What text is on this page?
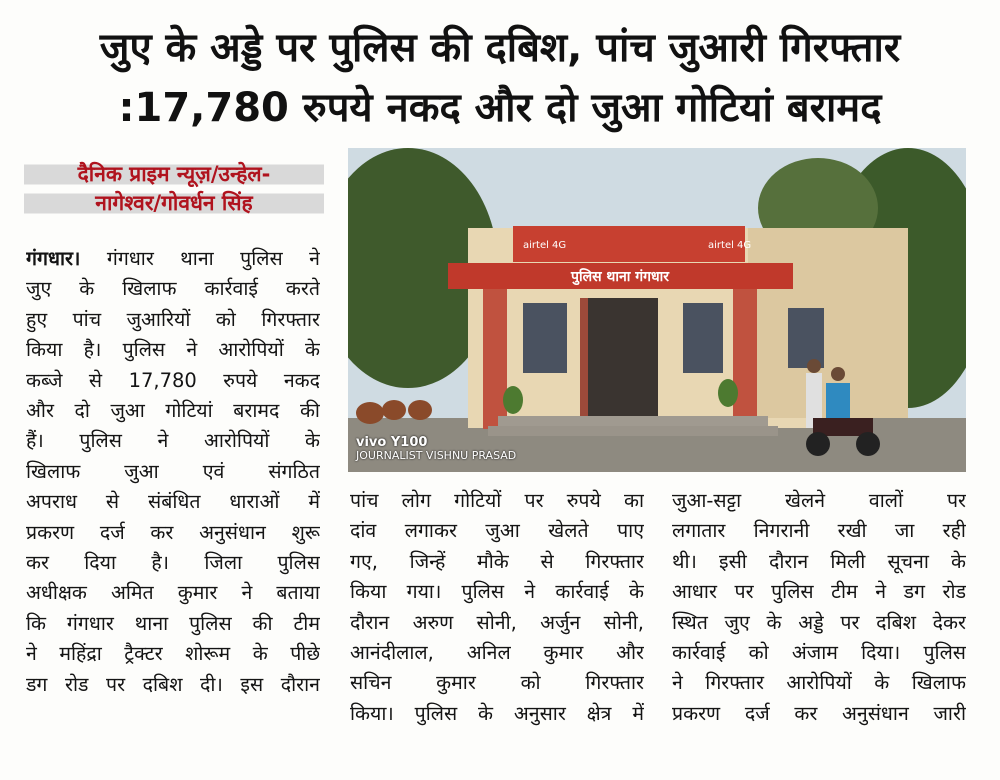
जुए के अड्डे पर पुलिस की दबिश, पांच जुआरी गिरफ्तार
:17,780 रुपये नकद और दो जुआ गोटियां बरामद
दैनिक प्राइम न्यूज़/उन्हेल-
नागेश्वर/गोवर्धन सिंह
गंगधार। गंगधार थाना पुलिस ने
जुए के खिलाफ कार्रवाई करते
हुए पांच जुआरियों को गिरफ्तार
किया है। पुलिस ने आरोपियों के
कब्जे से 17,780 रुपये नकद
और दो जुआ गोटियां बरामद की
हैं। पुलिस ने आरोपियों के
खिलाफ जुआ एवं संगठित
अपराध से संबंधित धाराओं में
प्रकरण दर्ज कर अनुसंधान शुरू
कर दिया है। जिला पुलिस
अधीक्षक अमित कुमार ने बताया
कि गंगधार थाना पुलिस की टीम
ने महिंद्रा ट्रैक्टर शोरूम के पीछे
डग रोड पर दबिश दी। इस दौरान
पुलिस थाना गंगधार
airtel 4G	airtel 4G
vivo Y100
JOURNALIST VISHNU PRASAD
पांच लोग गोटियों पर रुपये का
दांव लगाकर जुआ खेलते पाए
गए, जिन्हें मौके से गिरफ्तार
किया गया। पुलिस ने कार्रवाई के
दौरान अरुण सोनी, अर्जुन सोनी,
आनंदीलाल, अनिल कुमार और
सचिन कुमार को गिरफ्तार
किया। पुलिस के अनुसार क्षेत्र में
जुआ-सट्टा खेलने वालों पर
लगातार निगरानी रखी जा रही
थी। इसी दौरान मिली सूचना के
आधार पर पुलिस टीम ने डग रोड
स्थित जुए के अड्डे पर दबिश देकर
कार्रवाई को अंजाम दिया। पुलिस
ने गिरफ्तार आरोपियों के खिलाफ
प्रकरण दर्ज कर अनुसंधान जारी
